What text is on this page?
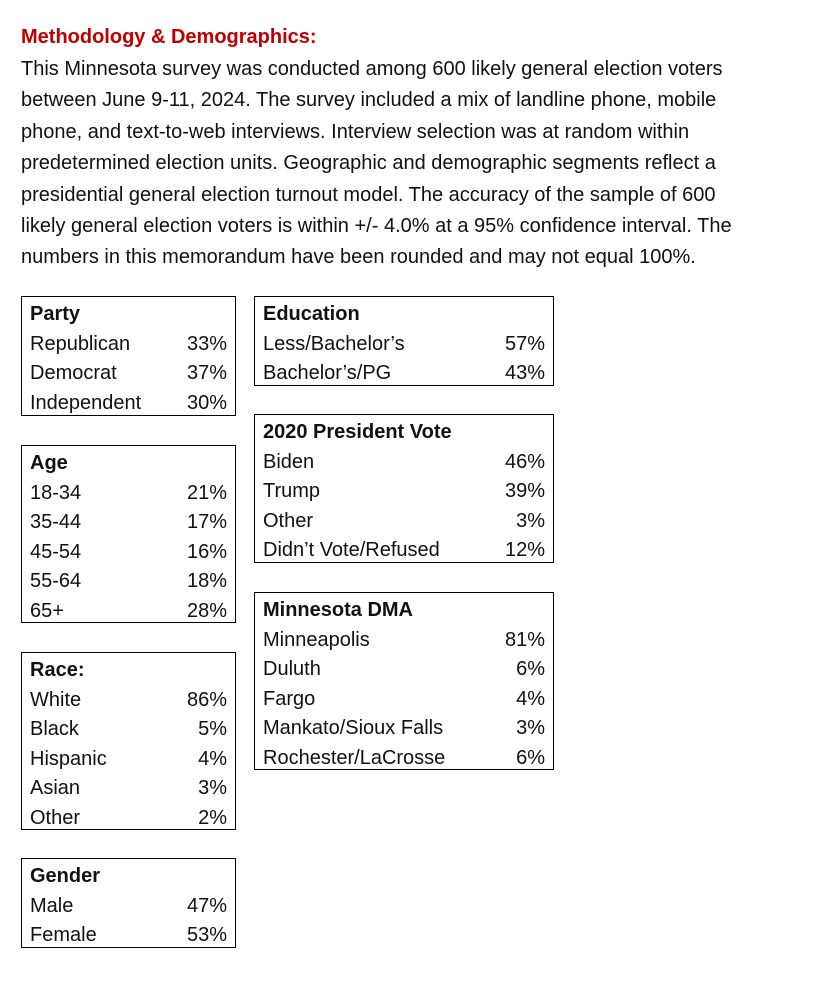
Methodology & Demographics:
This Minnesota survey was conducted among 600 likely general election voters
between June 9-11, 2024. The survey included a mix of landline phone, mobile
phone, and text-to-web interviews. Interview selection was at random within
predetermined election units. Geographic and demographic segments reflect a
presidential general election turnout model. The accuracy of the sample of 600
likely general election voters is within +/- 4.0% at a 95% confidence interval. The
numbers in this memorandum have been rounded and may not equal 100%.
Party
Republican	33%
Democrat	37%
Independent 30%
Age
18-34	21%
35-44	17%
45-54	16%
55-64	18%
65+	28%
Race:
White	86%
Black	5%
Hispanic	4%
Asian	3%
Other	2%
Gender
Male	47%
Female	53%
Education
Less/Bachelor’s	57%
Bachelor’s/PG	43%
2020 President Vote
Biden	46%
Trump	39%
Other	3%
Didn’t Vote/Refused	12%
Minnesota DMA
Minneapolis	81%
Duluth	6%
Fargo	4%
Mankato/Sioux Falls	3%
Rochester/LaCrosse	6%
